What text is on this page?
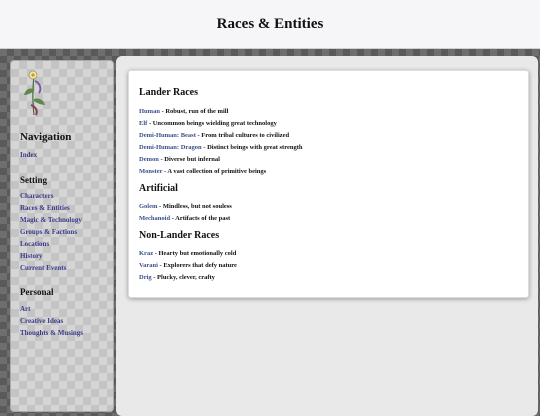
Races & Entities
Navigation
Index
Setting
Characters
Races & Entities
Magic & Technology
Groups & Factions
Locations
History
Current Events
Personal
Art
Creative Ideas
Thoughts & Musings
Lander Races
Human - Robust, run of the mill
Elf - Uncommon beings wielding great technology
Demi-Human: Beast - From tribal cultures to civilized
Demi-Human: Dragon - Distinct beings with great strength
Demon - Diverse but infernal
Monster - A vast collection of primitive beings
Artificial
Golem - Mindless, but not souless
Mechanoid - Artifacts of the past
Non-Lander Races
Kraz - Hearty but emotionally cold
Varani - Explorers that defy nature
Drig - Plucky, clever, crafty
